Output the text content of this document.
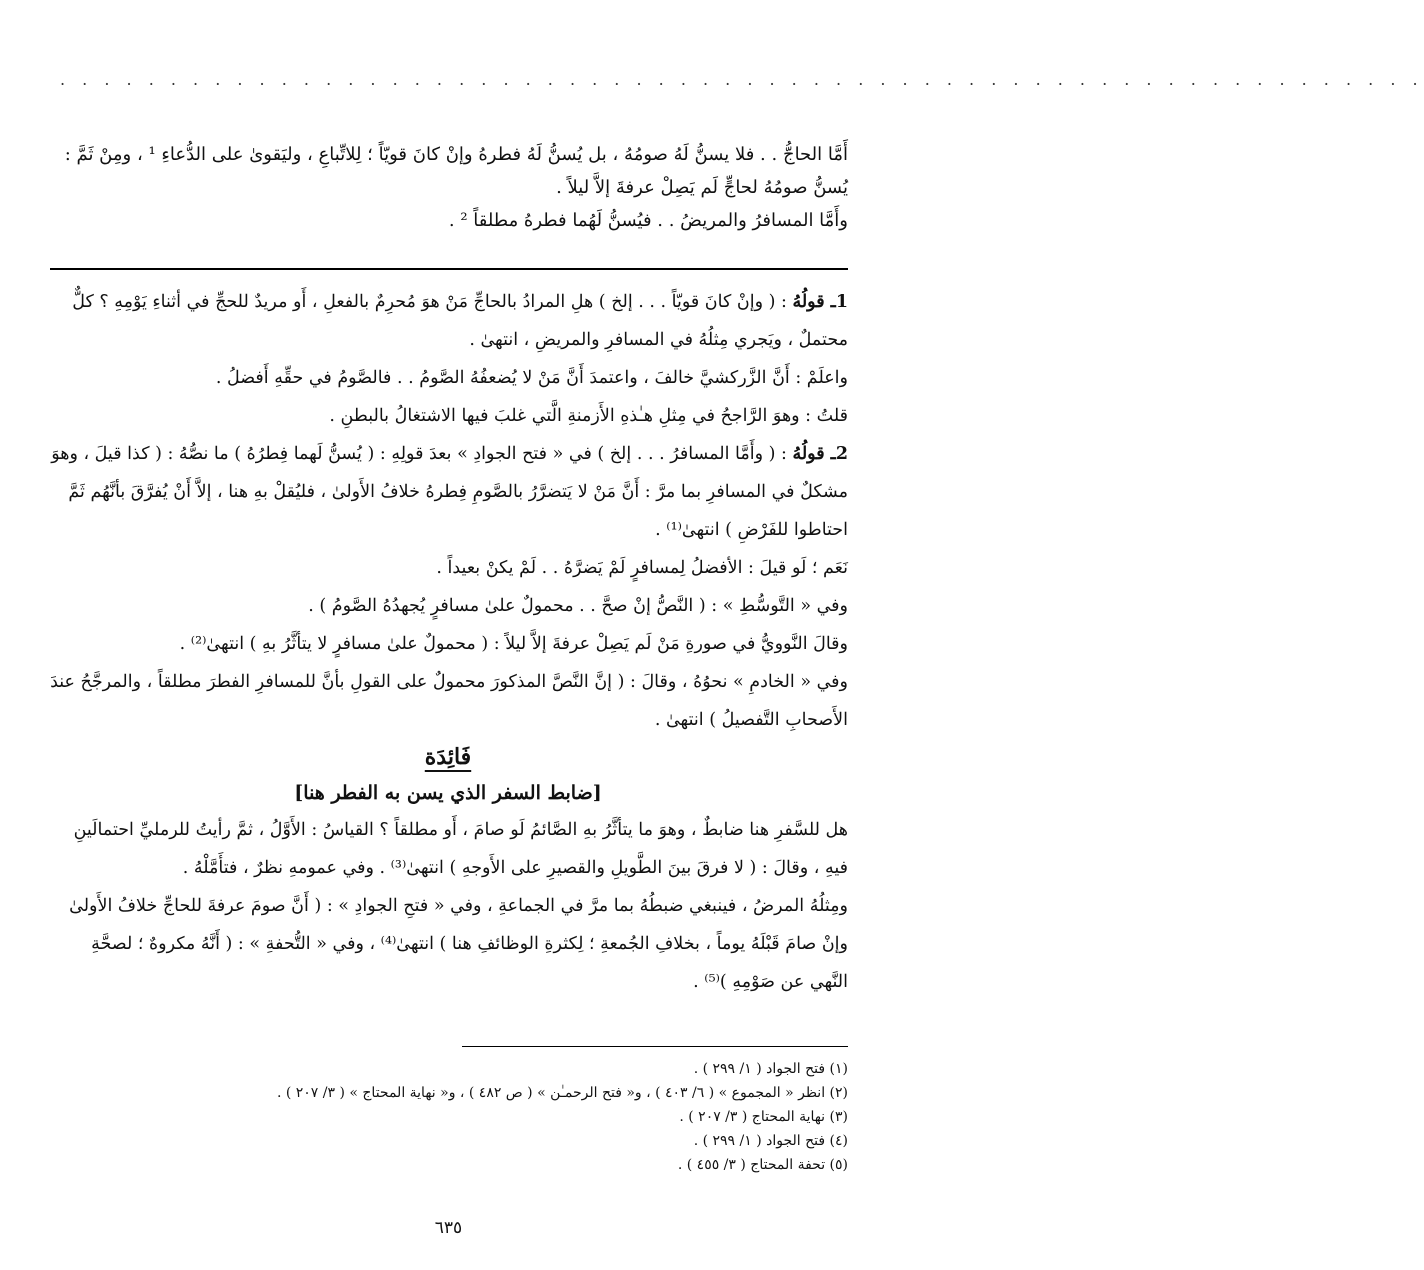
. . . . . . . . . . . . . . . . . . . . . . . . . . . . . . . . . . . . . . . . . . . . . . . . . . . . . . . . . . . . . .

أَمَّا الحاجُّ . . فلا يسنُّ لَهُ صومُهُ ، بل يُسنُّ لَهُ فطرهُ وإنْ كانَ قويّاً ؛ لِلاتِّباعِ ، وليَقوىٰ على الدُّعاءِ ¹ ، ومِنْ ثَمَّ :

يُسنُّ صومُهُ لحاجٍّ لَم يَصِلْ عرفةَ إلاَّ ليلاً .

وأَمَّا المسافرُ والمريضُ . . فيُسنُّ لَهُما فطرهُ مطلقاً ² .

1ـ قولُهُ : ( وإنْ كانَ قويّاً . . . إلخ ) هلِ المرادُ بالحاجِّ مَنْ هوَ مُحرِمٌ بالفعلِ ، أَو مريدٌ للحجِّ في أثناءِ يَوْمِهِ ؟ كلٌّ محتملٌ ، ويَجري مِثلُهُ في المسافرِ والمريضِ ، انتهىٰ .

واعلَمْ : أَنَّ الزَّركشيَّ خالفَ ، واعتمدَ أَنَّ مَنْ لا يُضعفُهُ الصَّومُ . . فالصَّومُ في حقِّهِ أَفضلُ .

قلتُ : وهوَ الرَّاجحُ في مِثلِ هـٰذهِ الأَزمنةِ الَّتي غلبَ فيها الاشتغالُ بالبطنِ .

2ـ قولُهُ : ( وأَمَّا المسافرُ . . . إلخ ) في « فتح الجوادِ » بعدَ قولِهِ : ( يُسنُّ لَهما فِطرُهُ ) ما نصُّهُ : ( كذا قيلَ ، وهوَ مشكلٌ في المسافرِ بما مرَّ : أَنَّ مَنْ لا يَتضرَّرُ بالصَّومِ فِطرهُ خلافُ الأَولىٰ ، فليُقلْ بهِ هنا ، إلاَّ أَنْ يُفرَّقَ بأنَّهُم ثَمَّ احتاطوا للفَرْضِ ) انتهىٰ⁽¹⁾ .

نَعَم ؛ لَو قيلَ : الأفضلُ لِمسافرٍ لَمْ يَضرَّهُ . . لَمْ يكنْ بعيداً .

وفي « التَّوسُّطِ » : ( النَّصُّ إنْ صحَّ . . محمولٌ علىٰ مسافرٍ يُجهدُهُ الصَّومُ ) .

وقالَ النَّوويُّ في صورةِ مَنْ لَم يَصِلْ عرفةَ إلاَّ ليلاً : ( محمولٌ علىٰ مسافرٍ لا يتأثَّرُ بهِ ) انتهىٰ⁽²⁾ .

وفي « الخادمِ » نحوُهُ ، وقالَ : ( إنَّ النَّصَّ المذكورَ محمولٌ على القولِ بأنَّ للمسافرِ الفطرَ مطلقاً ، والمرجَّحُ عندَ الأَصحابِ التَّفصيلُ ) انتهىٰ .

فَائِدَة

[ضابط السفر الذي يسن به الفطر هنا]

هل للسَّفرِ هنا ضابطٌ ، وهوَ ما يتأثَّرُ بهِ الصَّائمُ لَو صامَ ، أَو مطلقاً ؟ القياسُ : الأَوَّلُ ، ثمَّ رأيتُ للرمليِّ احتمالَينِ فيهِ ، وقالَ : ( لا فرقَ بينَ الطَّويلِ والقصيرِ على الأَوجهِ ) انتهىٰ⁽³⁾ . وفي عمومهِ نظرٌ ، فتأَمَّلْهُ .

ومِثلُهُ المرضُ ، فينبغي ضبطُهُ بما مرَّ في الجماعةِ ، وفي « فتحِ الجوادِ » : ( أَنَّ صومَ عرفةَ للحاجِّ خلافُ الأَولىٰ وإنْ صامَ قَبْلَهُ يوماً ، بخلافِ الجُمعةِ ؛ لِكثرةِ الوظائفِ هنا ) انتهىٰ⁽⁴⁾ ، وفي « التُّحفةِ » : ( أَنَّهُ مكروهٌ ؛ لصحَّةِ النَّهي عن صَوْمِهِ )⁽⁵⁾ .

(١) فتح الجواد ( ١/ ٢٩٩ ) .

(٢) انظر « المجموع » ( ٦/ ٤٠٣ ) ، و« فتح الرحمـٰن » ( ص ٤٨٢ ) ، و« نهاية المحتاج » ( ٣/ ٢٠٧ ) .

(٣) نهاية المحتاج ( ٣/ ٢٠٧ ) .

(٤) فتح الجواد ( ١/ ٢٩٩ ) .

(٥) تحفة المحتاج ( ٣/ ٤٥٥ ) .

٦٣٥
